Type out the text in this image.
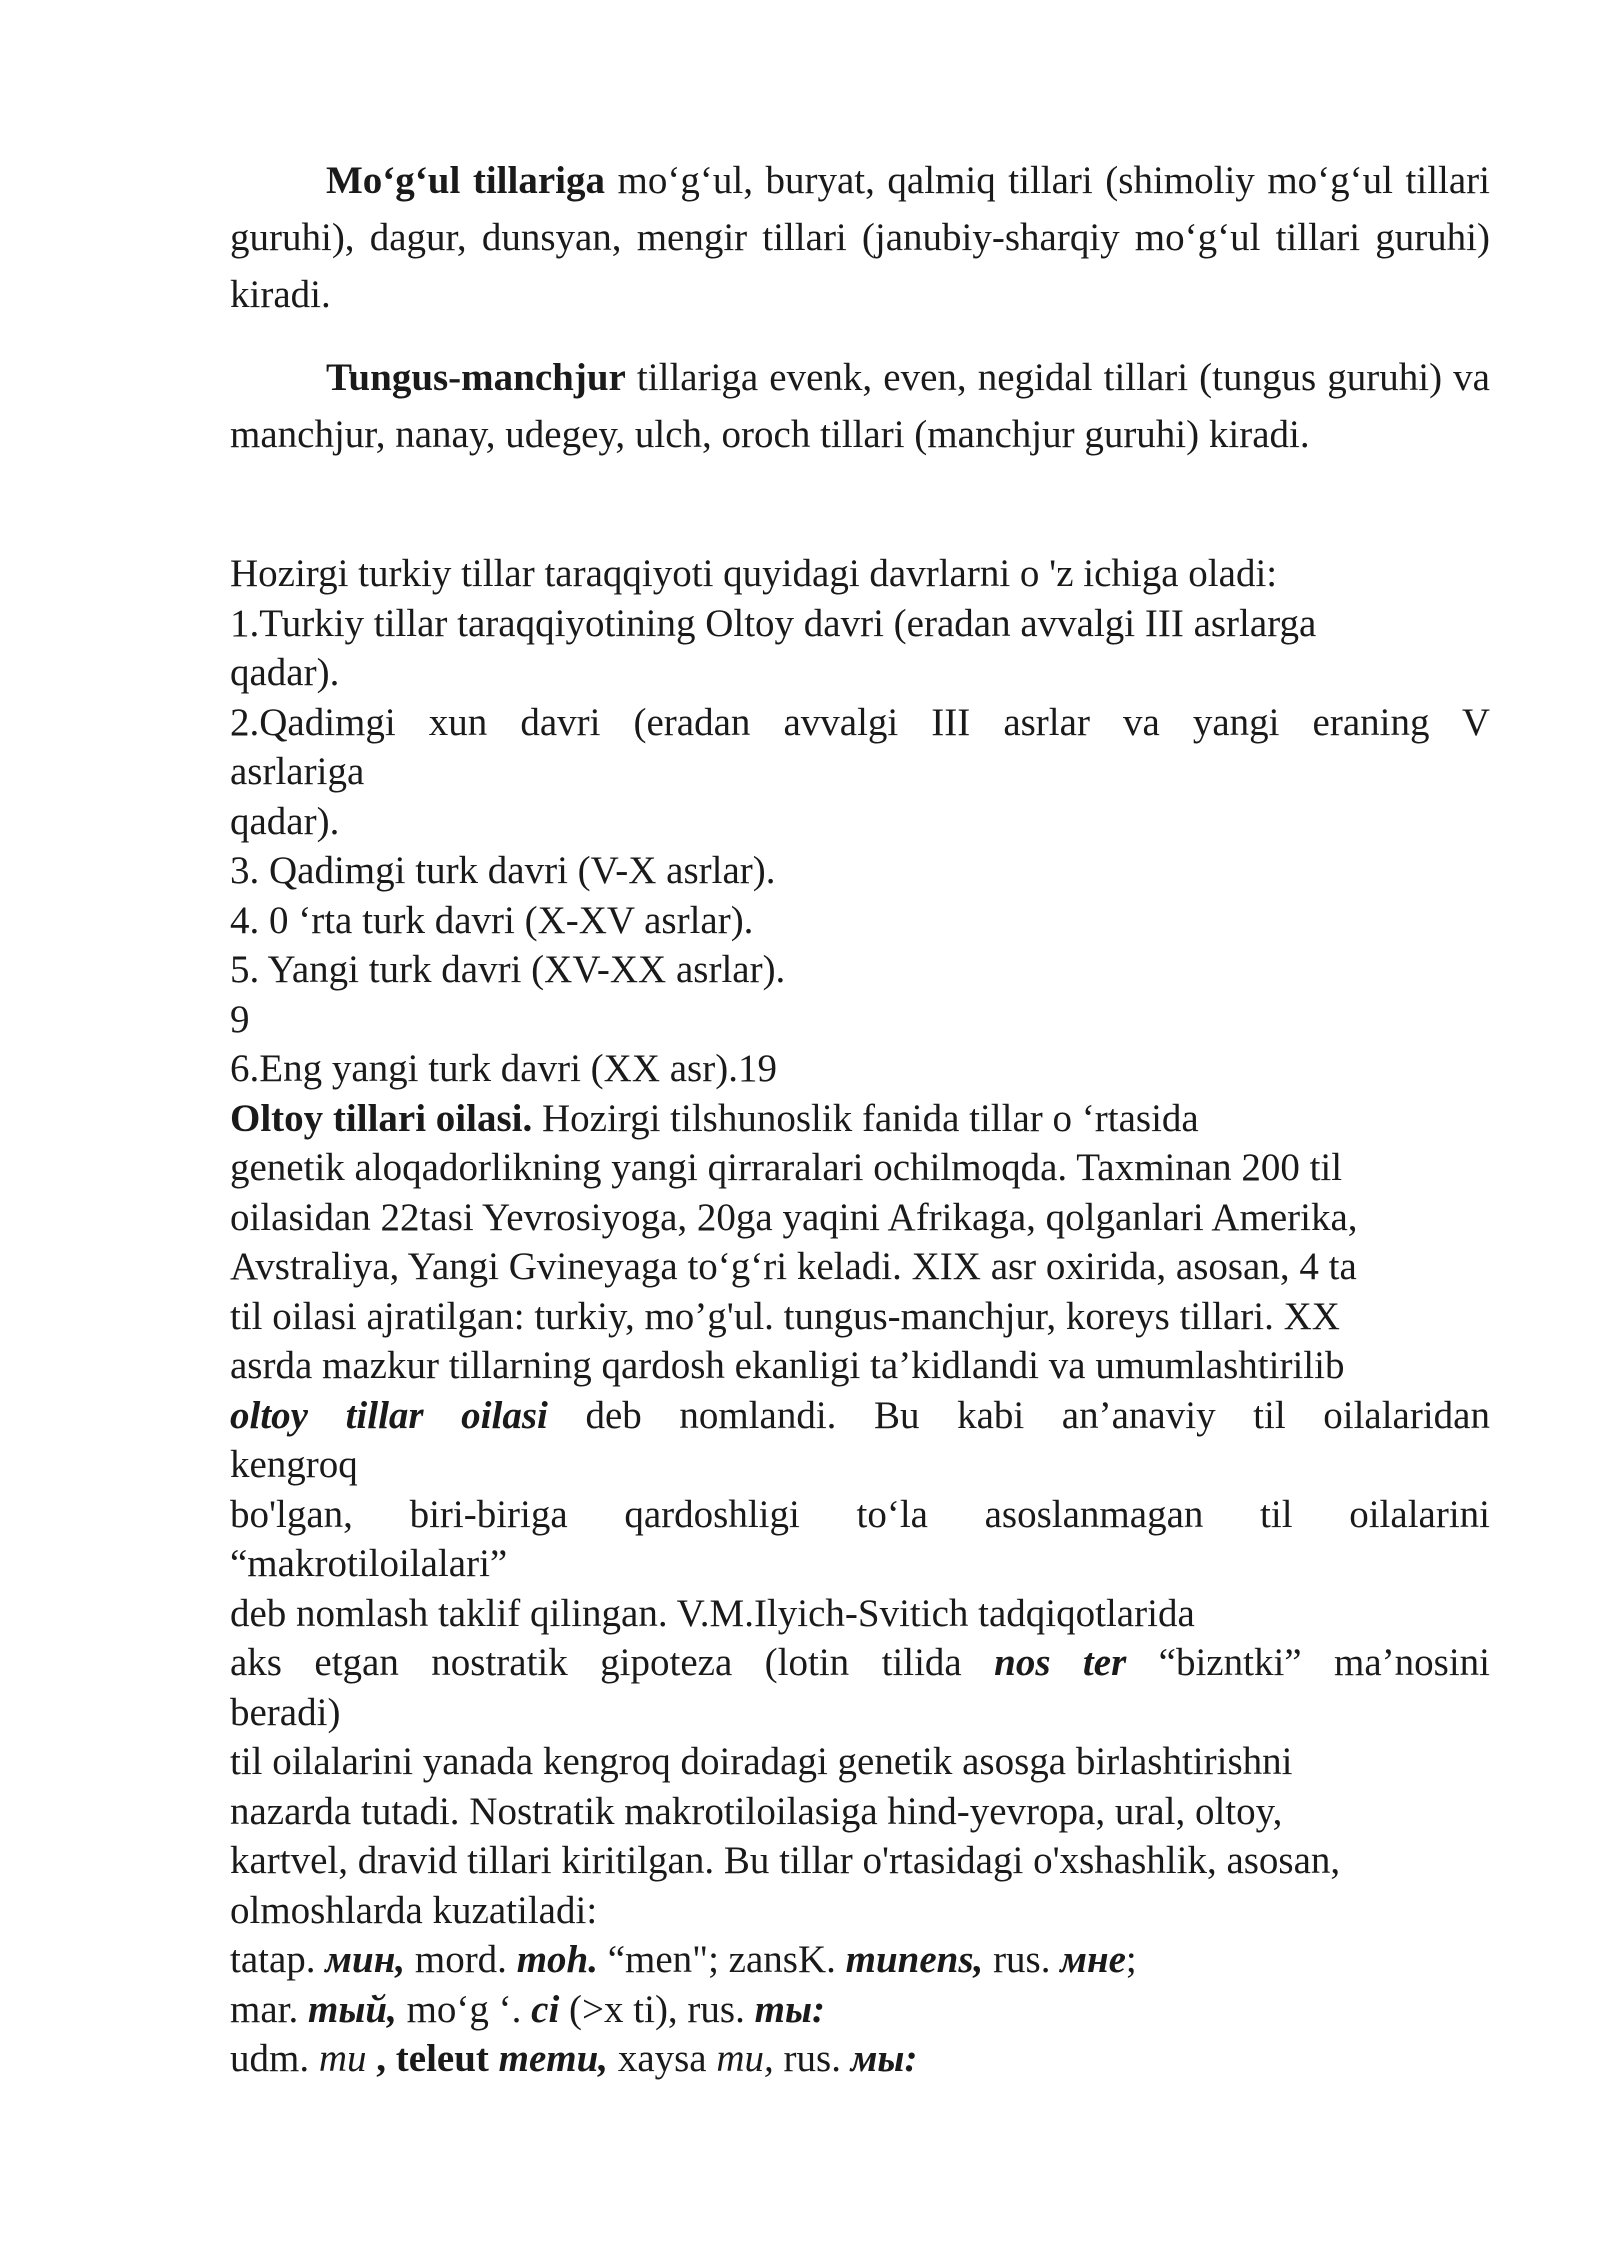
Mo‘g‘ul tillariga mo‘g‘ul, buryat, qalmiq tillari (shimoliy mo‘g‘ul tillari guruhi), dagur, dunsyan, mengir tillari (janubiy-sharqiy mo‘g‘ul tillari guruhi) kiradi.
Tungus-manchjur tillariga evenk, even, negidal tillari (tungus guruhi) va manchjur, nanay, udegey, ulch, oroch tillari (manchjur guruhi) kiradi.
Hozirgi turkiy tillar taraqqiyoti quyidagi davrlarni o 'z ichiga oladi:
1.Turkiy tillar taraqqiyotining Oltoy davri (eradan avvalgi III asrlarga
qadar).
2.Qadimgi xun davri (eradan avvalgi III asrlar va yangi eraning V
asrlariga
qadar).
3. Qadimgi turk davri (V-X asrlar).
4. 0 ‘rta turk davri (X-XV asrlar).
5. Yangi turk davri (XV-XX asrlar).
9
6.Eng yangi turk davri (XX asr).19
Oltoy tillari oilasi. Hozirgi tilshunoslik fanida tillar o ‘rtasida
genetik aloqadorlikning yangi qirraralari ochilmoqda. Taxminan 200 til
oilasidan 22tasi Yevrosiyoga, 20ga yaqini Afrikaga, qolganlari Amerika,
Avstraliya, Yangi Gvineyaga to‘g‘ri keladi. XIX asr oxirida, asosan, 4 ta
til oilasi ajratilgan: turkiy, mo’g'ul. tungus-manchjur, koreys tillari. XX
asrda mazkur tillarning qardosh ekanligi ta’kidlandi va umumlashtirilib
oltoy tillar oilasi deb nomlandi. Bu kabi an’anaviy til oilalaridan
kengroq
bo'lgan, biri-biriga qardoshligi to‘la asoslanmagan til oilalarini
“makrotiloilalari”
deb nomlash taklif qilingan. V.M.Ilyich-Svitich tadqiqotlarida
aks etgan nostratik gipoteza (lotin tilida nos ter “bizntki” ma’nosini
beradi)
til oilalarini yanada kengroq doiradagi genetik asosga birlashtirishni
nazarda tutadi. Nostratik makrotiloilasiga hind-yevropa, ural, oltoy,
kartvel, dravid tillari kiritilgan. Bu tillar o'rtasidagi o'xshashlik, asosan,
olmoshlarda kuzatiladi:
tatap. мин, mord. moh. “men"; zansK. munens, rus. мне;
mar. тый, mo‘g ‘. ci (>x ti), rus. ты:
udm. mu , teleut memu, xaysa mu, rus. мы:
